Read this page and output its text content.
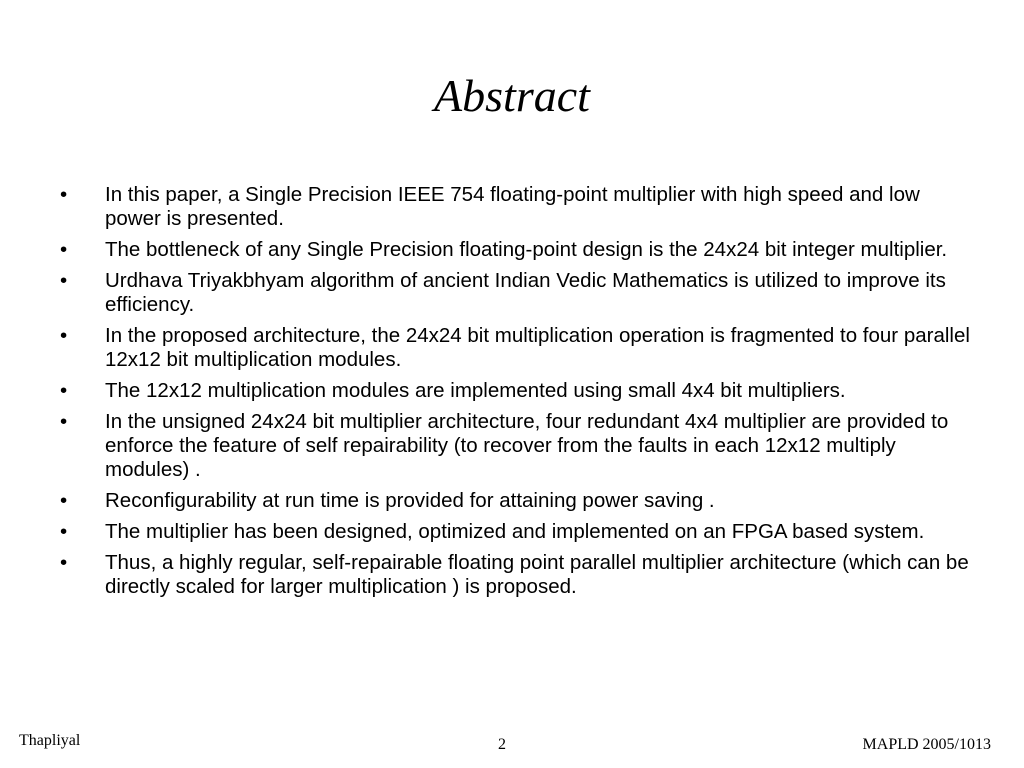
Abstract
• In this paper, a Single Precision IEEE 754 floating-point multiplier with high speed and low power is presented.
• The bottleneck of any Single Precision floating-point design is the 24x24 bit integer multiplier.
• Urdhava Triyakbhyam algorithm of ancient Indian Vedic Mathematics is utilized to improve its efficiency.
• In the proposed architecture, the 24x24 bit multiplication operation is fragmented to four parallel 12x12 bit multiplication modules.
• The 12x12 multiplication modules are implemented using small 4x4 bit multipliers.
• In the unsigned 24x24 bit multiplier architecture, four redundant 4x4 multiplier are provided to enforce the feature of self repairability (to recover from the faults in each 12x12 multiply modules) .
• Reconfigurability at run time is provided for attaining power saving .
• The multiplier has been designed, optimized and implemented on an FPGA based system.
• Thus, a highly regular, self-repairable floating point parallel multiplier architecture (which can be directly scaled for larger multiplication ) is proposed.
Thapliyal	2	MAPLD 2005/1013
